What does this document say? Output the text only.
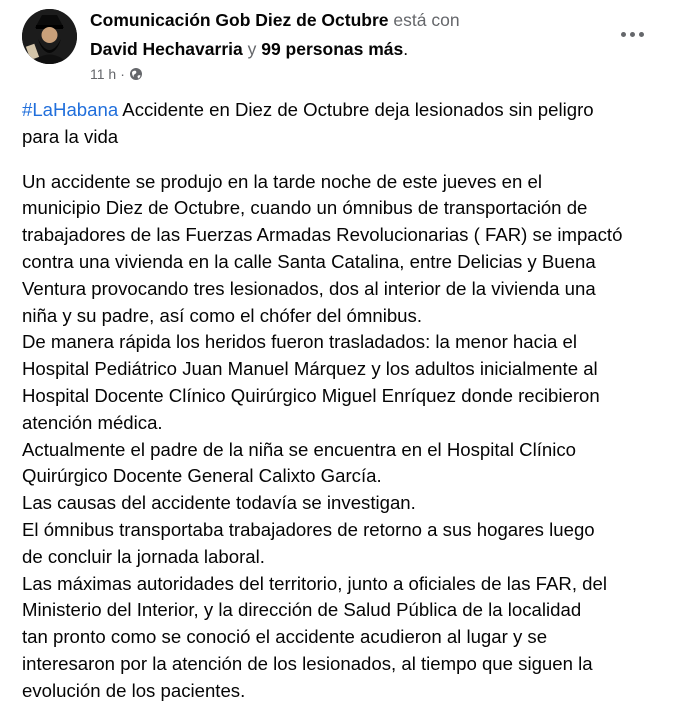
Comunicación Gob Diez de Octubre está con
David Hechavarria y 99 personas más.
11 h ·

#LaHabana Accidente en Diez de Octubre deja lesionados sin peligro

para la vida

Un accidente se produjo en la tarde noche de este jueves en el

municipio Diez de Octubre, cuando un ómnibus de transportación de

trabajadores de las Fuerzas Armadas Revolucionarias ( FAR) se impactó

contra una vivienda en la calle Santa Catalina, entre Delicias y Buena

Ventura provocando tres lesionados, dos al interior de la vivienda una

niña y su padre, así como el chófer del ómnibus.

De manera rápida los heridos fueron trasladados: la menor hacia el

Hospital Pediátrico Juan Manuel Márquez y los adultos inicialmente al

Hospital Docente Clínico Quirúrgico Miguel Enríquez donde recibieron

atención médica.

Actualmente el padre de la niña se encuentra en el Hospital Clínico

Quirúrgico Docente General Calixto García.

Las causas del accidente todavía se investigan.

El ómnibus transportaba trabajadores de retorno a sus hogares luego

de concluir la jornada laboral.

Las máximas autoridades del territorio, junto a oficiales de las FAR, del

Ministerio del Interior, y la dirección de Salud Pública de la localidad

tan pronto como se conoció el accidente acudieron al lugar y se

interesaron por la atención de los lesionados, al tiempo que siguen la

evolución de los pacientes.
